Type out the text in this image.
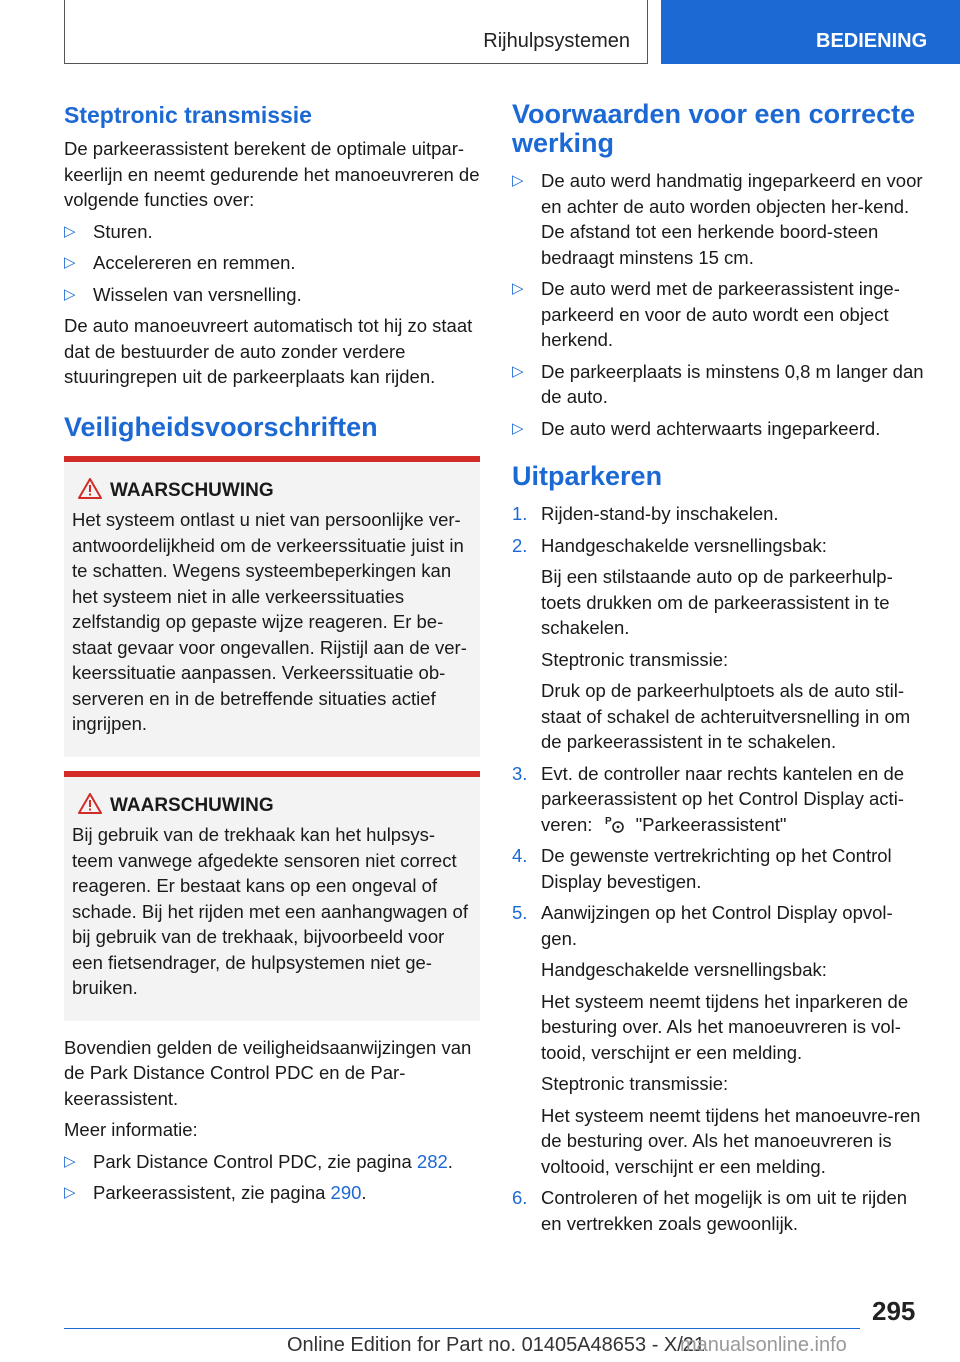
Rijhulpsystemen	BEDIENING
Steptronic transmissie

De parkeerassistent berekent de optimale uitpar-keerlijn en neemt gedurende het manoeuvreren de volgende functies over:

▷ Sturen.
▷ Accelereren en remmen.
▷ Wisselen van versnelling.

De auto manoeuvreert automatisch tot hij zo staat dat de bestuurder de auto zonder verdere stuuringrepen uit de parkeerplaats kan rijden.

Veiligheidsvoorschriften
WAARSCHUWING
Het systeem ontlast u niet van persoonlijke ver-antwoordelijkheid om de verkeerssituatie juist in te schatten. Wegens systeembeperkingen kan het systeem niet in alle verkeerssituaties zelfstandig op gepaste wijze reageren. Er be-staat gevaar voor ongevallen. Rijstijl aan de ver-keerssituatie aanpassen. Verkeerssituatie ob-serveren en in de betreffende situaties actief ingrijpen.
WAARSCHUWING
Bij gebruik van de trekhaak kan het hulpsys-teem vanwege afgedekte sensoren niet correct reageren. Er bestaat kans op een ongeval of schade. Bij het rijden met een aanhangwagen of bij gebruik van de trekhaak, bijvoorbeeld voor een fietsendrager, de hulpsystemen niet ge-bruiken.

Bovendien gelden de veiligheidsaanwijzingen van de Park Distance Control PDC en de Par-keerassistent.

Meer informatie:

▷ Park Distance Control PDC, zie pagina 282.
▷ Parkeerassistent, zie pagina 290.
Voorwaarden voor een correcte werking
▷ De auto werd handmatig ingeparkeerd en voor en achter de auto worden objecten her-kend. De afstand tot een herkende boord-steen bedraagt minstens 15 cm.
▷ De auto werd met de parkeerassistent inge-parkeerd en voor de auto wordt een object herkend.
▷ De parkeerplaats is minstens 0,8 m langer dan de auto.
▷ De auto werd achterwaarts ingeparkeerd.
Uitparkeren
1. Rijden-stand-by inschakelen.
2. Handgeschakelde versnellingsbak:

Bij een stilstaande auto op de parkeerhulp-toets drukken om de parkeerassistent in te schakelen.

Steptronic transmissie:

Druk op de parkeerhulptoets als de auto stil-staat of schakel de achteruitversnelling in om de parkeerassistent in te schakelen.

3. Evt. de controller naar rechts kantelen en de parkeerassistent op het Control Display acti-veren: P "Parkeerassistent"
4. De gewenste vertrekrichting op het Control Display bevestigen.
5. Aanwijzingen op het Control Display opvol-gen.

Handgeschakelde versnellingsbak:

Het systeem neemt tijdens het inparkeren de besturing over. Als het manoeuvreren is vol-tooid, verschijnt er een melding.

Steptronic transmissie:

Het systeem neemt tijdens het manoeuvre-ren de besturing over. Als het manoeuvreren is voltooid, verschijnt er een melding.

6. Controleren of het mogelijk is om uit te rijden en vertrekken zoals gewoonlijk.
295
Online Edition for Part no. 01405A48653 - X/21
manualsonline.info
